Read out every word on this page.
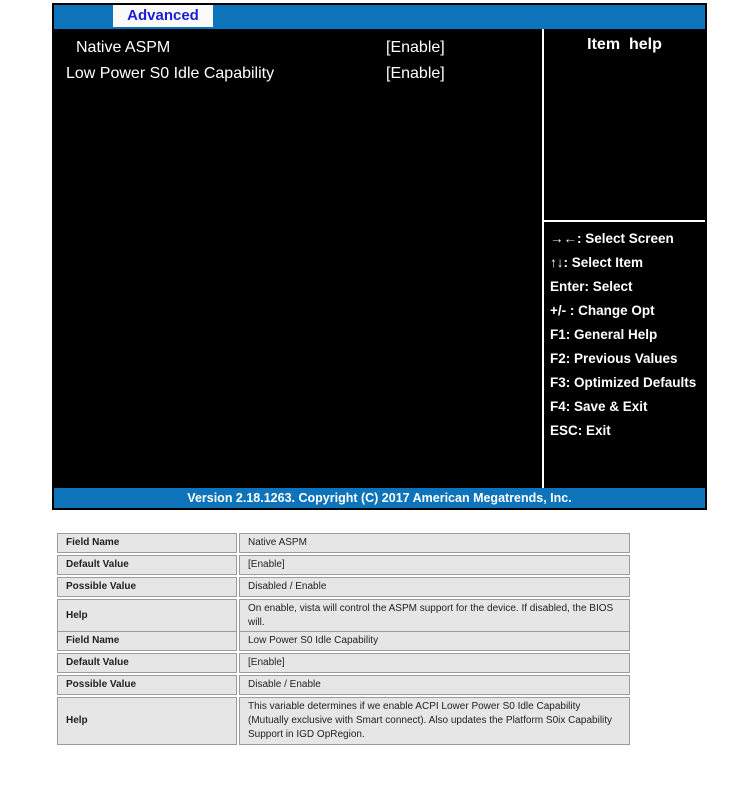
Advanced
Native ASPM	[Enable]
Low Power S0 Idle Capability	[Enable]
Item  help
→←: Select Screen
↑↓: Select Item
Enter: Select
+/- : Change Opt
F1: General Help
F2: Previous Values
F3: Optimized Defaults
F4: Save & Exit
ESC: Exit
Version 2.18.1263. Copyright (C) 2017 American Megatrends, Inc.
Field Name	Native ASPM
Default Value	[Enable]
Possible Value	Disabled / Enable
Help	On enable, vista will control the ASPM support for the device. If disabled, the BIOS will.
Field Name	Low Power S0 Idle Capability
Default Value	[Enable]
Possible Value	Disable / Enable
Help	This variable determines if we enable ACPI Lower Power S0 Idle Capability (Mutually exclusive with Smart connect). Also updates the Platform S0ix Capability Support in IGD OpRegion.
